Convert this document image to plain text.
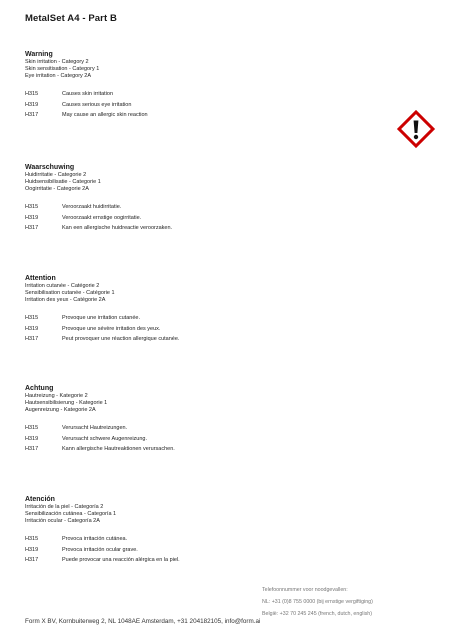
MetalSet A4 - Part B
Warning
Skin irritation - Category 2
Skin sensitisation - Category 1
Eye irritation - Category 2A
H315	Causes skin irritation
H319	Causes serious eye irritation
H317	May cause an allergic skin reaction
Waarschuwing
Huidirritatie - Categorie 2
Huidsensibilisatie - Categorie 1
Oogirritatie - Categorie 2A
H315	Veroorzaakt huidirritatie.
H319	Veroorzaakt ernstige oogirritatie.
H317	Kan een allergische huidreactie veroorzaken.
Attention
Irritation cutanée - Catégorie 2
Sensibilisation cutanée - Catégorie 1
Irritation des yeux - Catégorie 2A
H315	Provoque une irritation cutanée.
H319	Provoque une sévère irritation des yeux.
H317	Peut provoquer une réaction allergique cutanée.
Achtung
Hautreizung - Kategorie 2
Hautsensibilisierung - Kategorie 1
Augenreizung - Kategorie 2A
H315	Verursacht Hautreizungen.
H319	Verursacht schwere Augenreizung.
H317	Kann allergische Hautreaktionen verursachen.
Atención
Irritación de la piel - Categoría 2
Sensibilización cutánea - Categoría 1
Irritación ocular - Categoría 2A
H315	Provoca irritación cutánea.
H319	Provoca irritación ocular grave.
H317	Puede provocar una reacción alérgica en la piel.
Telefoonnummer voor noodgevallen:
NL: +31 (0)8 755 0000 (bij ernstige vergiftiging)
België: +32 70 245 245 (french, dutch, english)
Form X BV, Kornbuiterweg 2, NL 1048AE Amsterdam, +31 204182105, info@form.ai
